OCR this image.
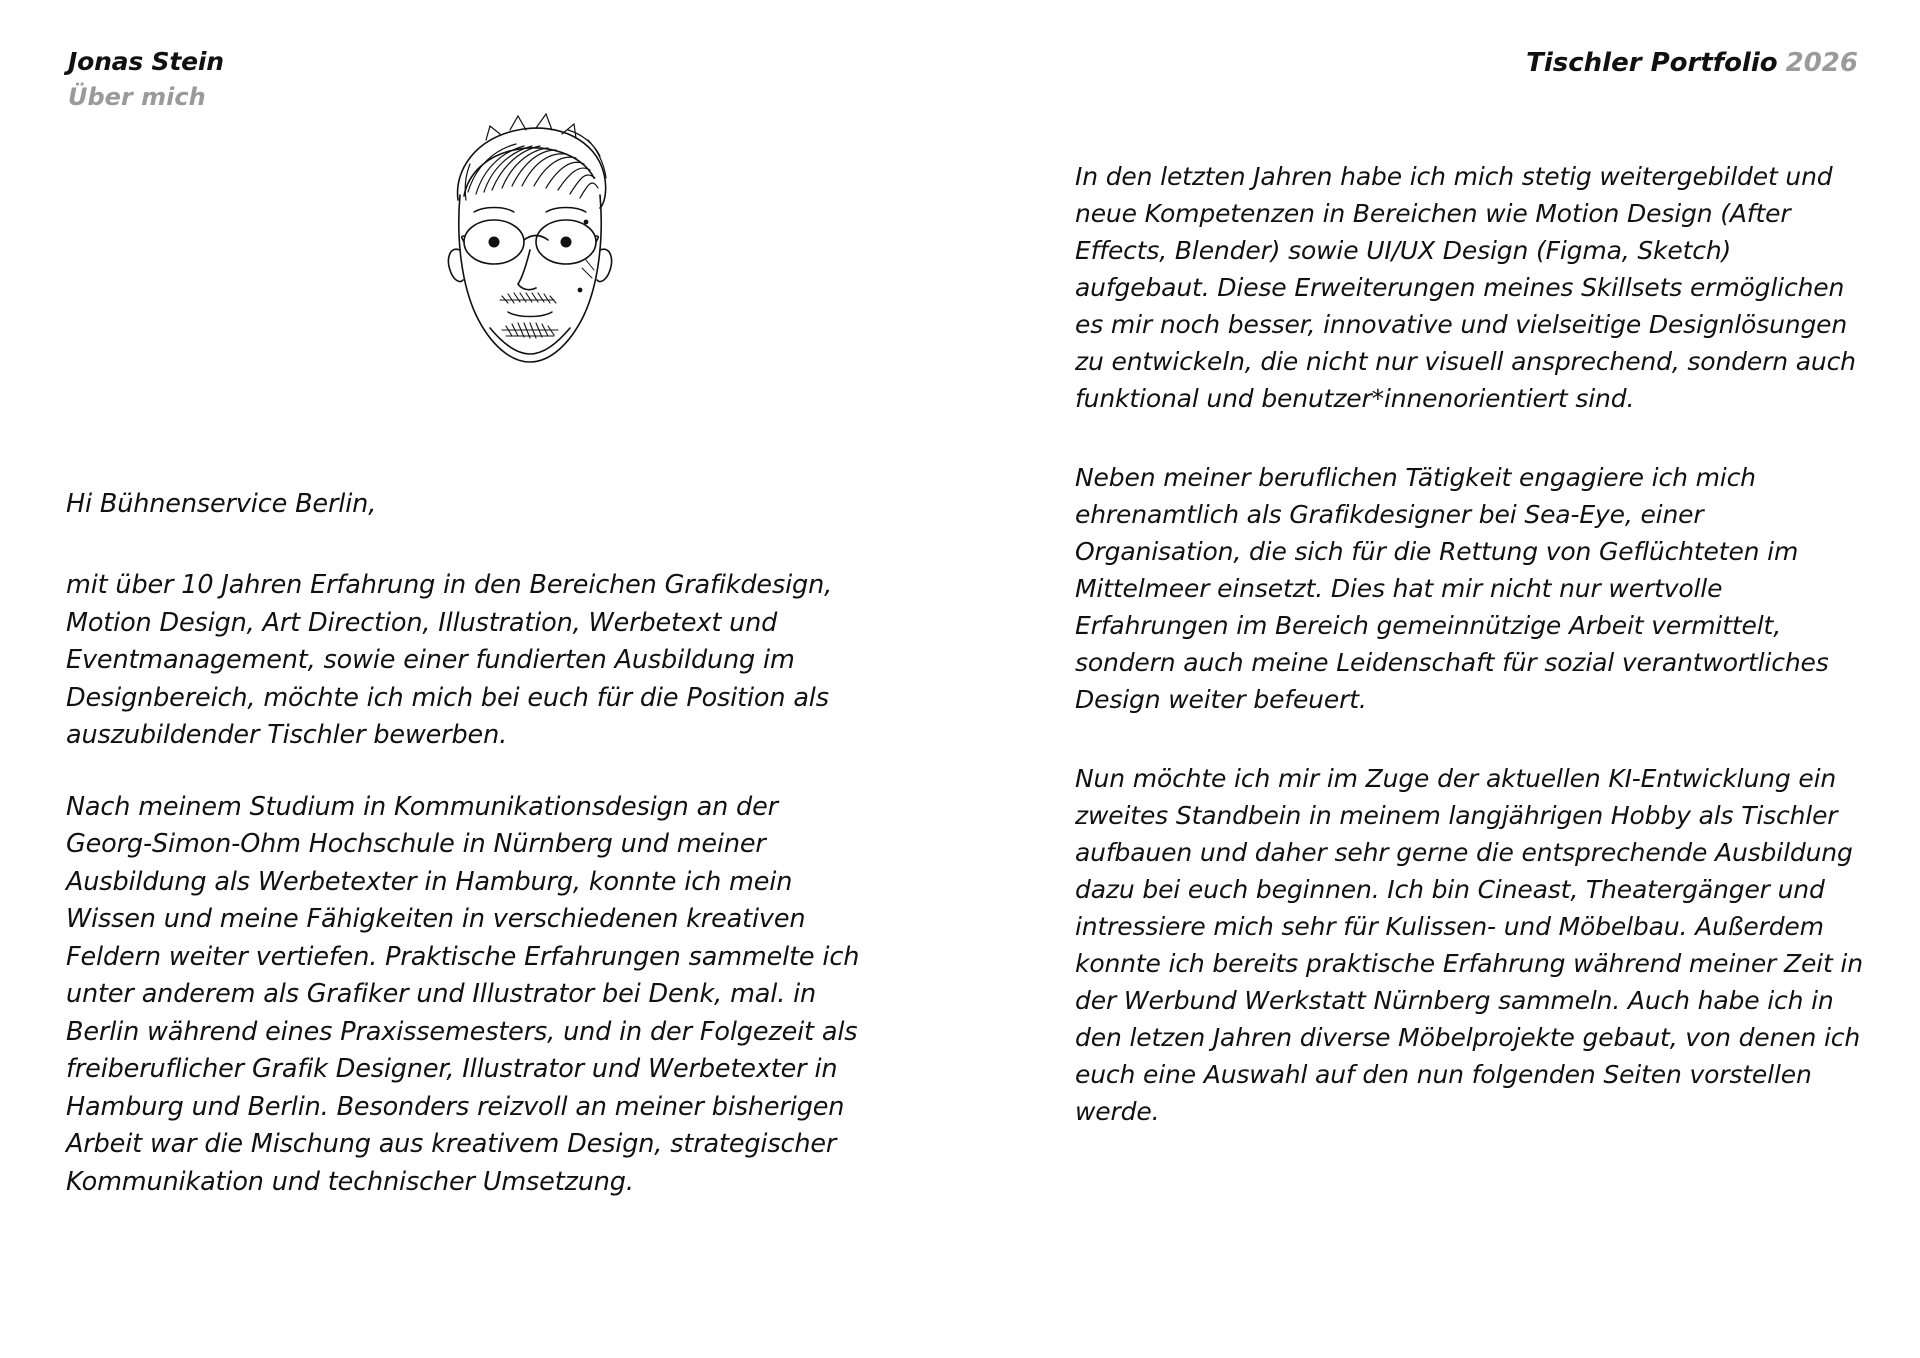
Jonas Stein
Über mich
Tischler Portfolio 2026

Hi Bühnenservice Berlin,

mit über 10 Jahren Erfahrung in den Bereichen Grafikdesign, Motion Design, Art Direction, Illustration, Werbetext und Eventmanagement, sowie einer fundierten Ausbildung im Designbereich, möchte ich mich bei euch für die Position als auszubildender Tischler bewerben.

Nach meinem Studium in Kommunikationsdesign an der Georg-Simon-Ohm Hochschule in Nürnberg und meiner Ausbildung als Werbetexter in Hamburg, konnte ich mein Wissen und meine Fähigkeiten in verschiedenen kreativen Feldern weiter vertiefen. Praktische Erfahrungen sammelte ich unter anderem als Grafiker und Illustrator bei Denk, mal. in Berlin während eines Praxissemesters, und in der Folgezeit als freiberuflicher Grafik Designer, Illustrator und Werbetexter in Hamburg und Berlin. Besonders reizvoll an meiner bisherigen Arbeit war die Mischung aus kreativem Design, strategischer Kommunikation und technischer Umsetzung.

In den letzten Jahren habe ich mich stetig weitergebildet und neue Kompetenzen in Bereichen wie Motion Design (After Effects, Blender) sowie UI/UX Design (Figma, Sketch) aufgebaut. Diese Erweiterungen meines Skillsets ermöglichen es mir noch besser, innovative und vielseitige Designlösungen zu entwickeln, die nicht nur visuell ansprechend, sondern auch funktional und benutzer*innenorientiert sind.

Neben meiner beruflichen Tätigkeit engagiere ich mich ehrenamtlich als Grafikdesigner bei Sea-Eye, einer Organisation, die sich für die Rettung von Geflüchteten im Mittelmeer einsetzt. Dies hat mir nicht nur wertvolle Erfahrungen im Bereich gemeinnützige Arbeit vermittelt, sondern auch meine Leidenschaft für sozial verantwortliches Design weiter befeuert.

Nun möchte ich mir im Zuge der aktuellen KI-Entwicklung ein zweites Standbein in meinem langjährigen Hobby als Tischler aufbauen und daher sehr gerne die entsprechende Ausbildung dazu bei euch beginnen. Ich bin Cineast, Theatergänger und intressiere mich sehr für Kulissen- und Möbelbau. Außerdem konnte ich bereits praktische Erfahrung während meiner Zeit in der Werbund Werkstatt Nürnberg sammeln. Auch habe ich in den letzen Jahren diverse Möbelprojekte gebaut, von denen ich euch eine Auswahl auf den nun folgenden Seiten vorstellen werde.
